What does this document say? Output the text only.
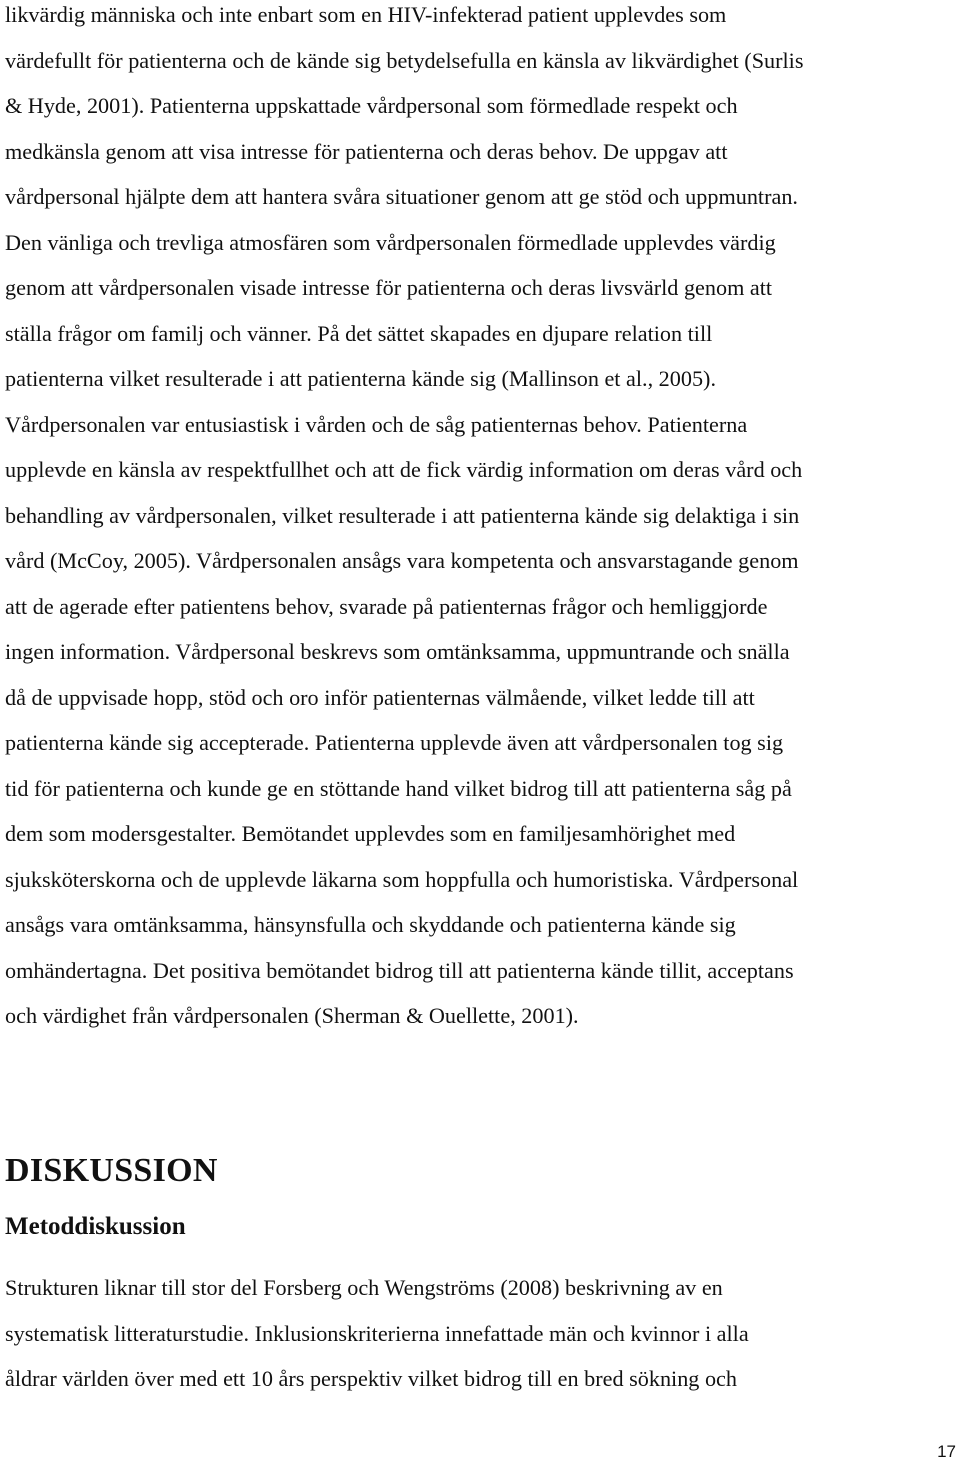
likvärdig människa och inte enbart som en HIV-infekterad patient upplevdes som
värdefullt för patienterna och de kände sig betydelsefulla en känsla av likvärdighet (Surlis
& Hyde, 2001). Patienterna uppskattade vårdpersonal som förmedlade respekt och
medkänsla genom att visa intresse för patienterna och deras behov. De uppgav att
vårdpersonal hjälpte dem att hantera svåra situationer genom att ge stöd och uppmuntran.
Den vänliga och trevliga atmosfären som vårdpersonalen förmedlade upplevdes värdig
genom att vårdpersonalen visade intresse för patienterna och deras livsvärld genom att
ställa frågor om familj och vänner. På det sättet skapades en djupare relation till
patienterna vilket resulterade i att patienterna kände sig (Mallinson et al., 2005).
Vårdpersonalen var entusiastisk i vården och de såg patienternas behov. Patienterna
upplevde en känsla av respektfullhet och att de fick värdig information om deras vård och
behandling av vårdpersonalen, vilket resulterade i att patienterna kände sig delaktiga i sin
vård (McCoy, 2005). Vårdpersonalen ansågs vara kompetenta och ansvarstagande genom
att de agerade efter patientens behov, svarade på patienternas frågor och hemliggjorde
ingen information. Vårdpersonal beskrevs som omtänksamma, uppmuntrande och snälla
då de uppvisade hopp, stöd och oro inför patienternas välmående, vilket ledde till att
patienterna kände sig accepterade. Patienterna upplevde även att vårdpersonalen tog sig
tid för patienterna och kunde ge en stöttande hand vilket bidrog till att patienterna såg på
dem som modersgestalter. Bemötandet upplevdes som en familjesamhörighet med
sjuksköterskorna och de upplevde läkarna som hoppfulla och humoristiska. Vårdpersonal
ansågs vara omtänksamma, hänsynsfulla och skyddande och patienterna kände sig
omhändertagna. Det positiva bemötandet bidrog till att patienterna kände tillit, acceptans
och värdighet från vårdpersonalen (Sherman & Ouellette, 2001).
DISKUSSION
Metoddiskussion
Strukturen liknar till stor del Forsberg och Wengströms (2008) beskrivning av en
systematisk litteraturstudie. Inklusionskriterierna innefattade män och kvinnor i alla
åldrar världen över med ett 10 års perspektiv vilket bidrog till en bred sökning och
17
